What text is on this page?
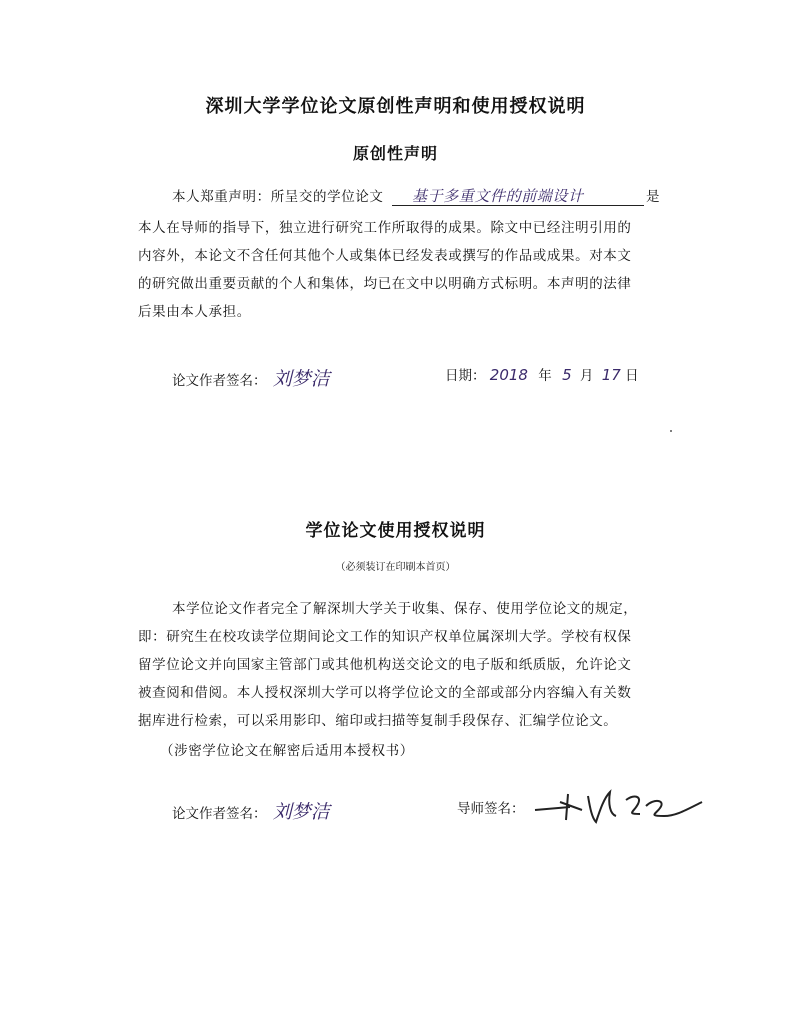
深圳大学学位论文原创性声明和使用授权说明
原创性声明
本人郑重声明：所呈交的学位论文 基于多重文件的前端设计	是
本人在导师的指导下，独立进行研究工作所取得的成果。除文中已经注明引用的
内容外，本论文不含任何其他个人或集体已经发表或撰写的作品或成果。对本文
的研究做出重要贡献的个人和集体，均已在文中以明确方式标明。本声明的法律
后果由本人承担。
论文作者签名： 刘梦洁	日期： 2018 年 5 月 17 日
学位论文使用授权说明
（必须装订在印刷本首页）
本学位论文作者完全了解深圳大学关于收集、保存、使用学位论文的规定，
即：研究生在校攻读学位期间论文工作的知识产权单位属深圳大学。学校有权保
留学位论文并向国家主管部门或其他机构送交论文的电子版和纸质版，允许论文
被查阅和借阅。本人授权深圳大学可以将学位论文的全部或部分内容编入有关数
据库进行检索，可以采用影印、缩印或扫描等复制手段保存、汇编学位论文。
（涉密学位论文在解密后适用本授权书）
论文作者签名： 刘梦洁	导师签名：
